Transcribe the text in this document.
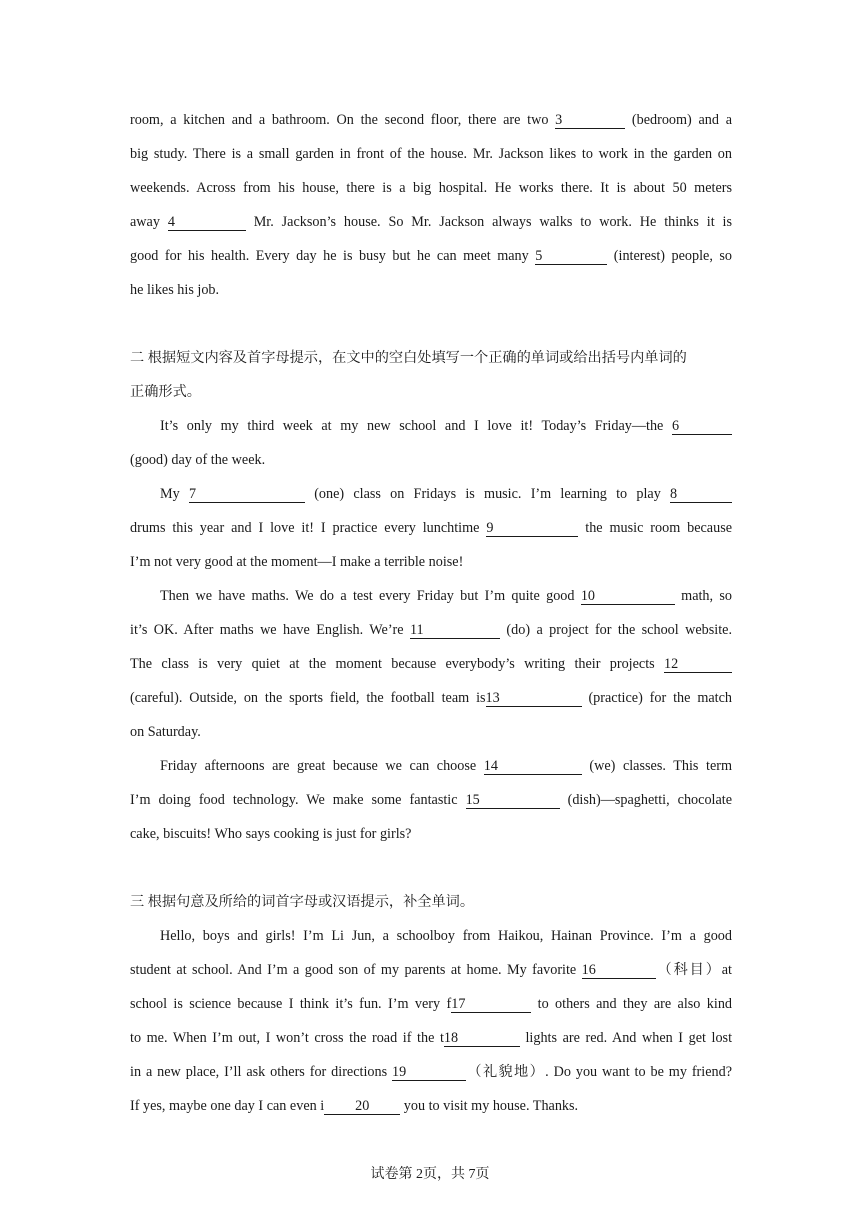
room, a kitchen and a bathroom. On the second floor, there are two 3	(bedroom) and a
big study. There is a small garden in front of the house. Mr. Jackson likes to work in the garden on
weekends. Across from his house, there is a big hospital. He works there. It is about 50 meters
away 4	Mr. Jackson’s house. So Mr. Jackson always walks to work. He thinks it is
good for his health. Every day he is busy but he can meet many 5	(interest) people, so
he likes his job.
二 根据短文内容及首字母提示，在文中的空白处填写一个正确的单词或给出括号内单词的
正确形式。
It’s only my third week at my new school and I love it! Today’s Friday—the 6
(good) day of the week.
My 7	(one) class on Fridays is music. I’m learning to play 8
drums this year and I love it! I practice every lunchtime 9	the music room because
I’m not very good at the moment—I make a terrible noise!
Then we have maths. We do a test every Friday but I’m quite good 10	math, so
it’s OK. After maths we have English. We’re 11	(do) a project for the school website.
The class is very quiet at the moment because everybody’s writing their projects 12
(careful). Outside, on the sports field, the football team is13	(practice) for the match
on Saturday.
Friday afternoons are great because we can choose 14	(we) classes. This term
I’m doing food technology. We make some fantastic 15	(dish)—spaghetti, chocolate
cake, biscuits! Who says cooking is just for girls?
三 根据句意及所给的词首字母或汉语提示，补全单词。
Hello, boys and girls! I’m Li Jun, a schoolboy from Haikou, Hainan Province. I’m a good
student at school. And I’m a good son of my parents at home. My favorite 16	（科目）at
school is science because I think it’s fun. I’m very f17	to others and they are also kind
to me. When I’m out, I won’t cross the road if the t18	lights are red. And when I get lost
in a new place, I’ll ask others for directions 19	（礼貌地）. Do you want to be my friend?
If yes, maybe one day I can even i 20 you to visit my house. Thanks.
试卷第 2页，共 7页
